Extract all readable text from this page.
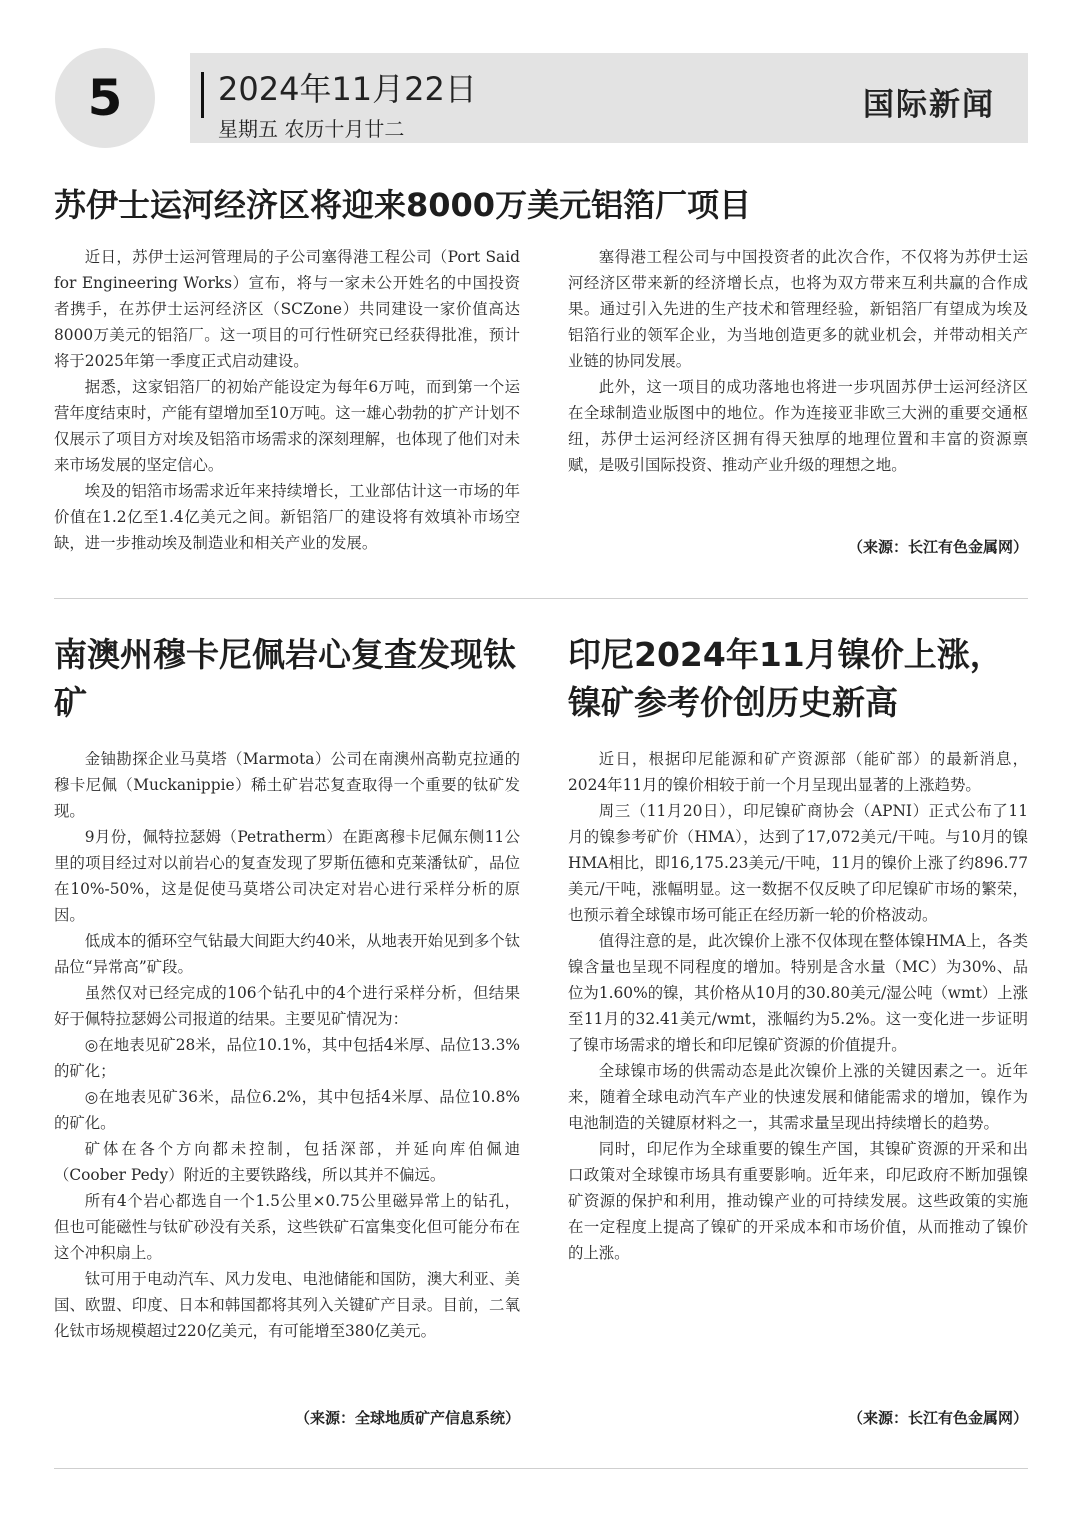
5	2024年11月22日
星期五 农历十月廿二
国际新闻
苏伊士运河经济区将迎来8000万美元铝箔厂项目

近日，苏伊士运河管理局的子公司塞得港工程公司（Port Said for Engineering Works）宣布，将与一家未公开姓名的中国投资者携手，在苏伊士运河经济区（SCZone）共同建设一家价值高达8000万美元的铝箔厂。这一项目的可行性研究已经获得批准，预计将于2025年第一季度正式启动建设。

据悉，这家铝箔厂的初始产能设定为每年6万吨，而到第一个运营年度结束时，产能有望增加至10万吨。这一雄心勃勃的扩产计划不仅展示了项目方对埃及铝箔市场需求的深刻理解，也体现了他们对未来市场发展的坚定信心。

埃及的铝箔市场需求近年来持续增长，工业部估计这一市场的年价值在1.2亿至1.4亿美元之间。新铝箔厂的建设将有效填补市场空缺，进一步推动埃及制造业和相关产业的发展。

塞得港工程公司与中国投资者的此次合作，不仅将为苏伊士运河经济区带来新的经济增长点，也将为双方带来互利共赢的合作成果。通过引入先进的生产技术和管理经验，新铝箔厂有望成为埃及铝箔行业的领军企业，为当地创造更多的就业机会，并带动相关产业链的协同发展。

此外，这一项目的成功落地也将进一步巩固苏伊士运河经济区在全球制造业版图中的地位。作为连接亚非欧三大洲的重要交通枢纽，苏伊士运河经济区拥有得天独厚的地理位置和丰富的资源禀赋，是吸引国际投资、推动产业升级的理想之地。

（来源：长江有色金属网）
南澳州穆卡尼佩岩心复查发现钛矿

金铀勘探企业马莫塔（Marmota）公司在南澳州高勒克拉通的穆卡尼佩（Muckanippie）稀土矿岩芯复查取得一个重要的钛矿发现。

9月份，佩特拉瑟姆（Petratherm）在距离穆卡尼佩东侧11公里的项目经过对以前岩心的复查发现了罗斯伍德和克莱潘钛矿，品位在10%-50%，这是促使马莫塔公司决定对岩心进行采样分析的原因。

低成本的循环空气钻最大间距大约40米，从地表开始见到多个钛品位“异常高”矿段。

虽然仅对已经完成的106个钻孔中的4个进行采样分析，但结果好于佩特拉瑟姆公司报道的结果。主要见矿情况为：

◎在地表见矿28米，品位10.1%，其中包括4米厚、品位13.3%的矿化；

◎在地表见矿36米，品位6.2%，其中包括4米厚、品位10.8%的矿化。

矿体在各个方向都未控制，包括深部，并延向库伯佩迪（Coober Pedy）附近的主要铁路线，所以其并不偏远。

所有4个岩心都选自一个1.5公里×0.75公里磁异常上的钻孔，但也可能磁性与钛矿砂没有关系，这些铁矿石富集变化但可能分布在这个冲积扇上。

钛可用于电动汽车、风力发电、电池储能和国防，澳大利亚、美国、欧盟、印度、日本和韩国都将其列入关键矿产目录。目前，二氧化钛市场规模超过220亿美元，有可能增至380亿美元。

（来源：全球地质矿产信息系统）
印尼2024年11月镍价上涨，镍矿参考价创历史新高

近日，根据印尼能源和矿产资源部（能矿部）的最新消息，2024年11月的镍价相较于前一个月呈现出显著的上涨趋势。

周三（11月20日），印尼镍矿商协会（APNI）正式公布了11月的镍参考矿价（HMA），达到了17,072美元/干吨。与10月的镍HMA相比，即16,175.23美元/干吨，11月的镍价上涨了约896.77美元/干吨，涨幅明显。这一数据不仅反映了印尼镍矿市场的繁荣，也预示着全球镍市场可能正在经历新一轮的价格波动。

值得注意的是，此次镍价上涨不仅体现在整体镍HMA上，各类镍含量也呈现不同程度的增加。特别是含水量（MC）为30%、品位为1.60%的镍，其价格从10月的30.80美元/湿公吨（wmt）上涨至11月的32.41美元/wmt，涨幅约为5.2%。这一变化进一步证明了镍市场需求的增长和印尼镍矿资源的价值提升。

全球镍市场的供需动态是此次镍价上涨的关键因素之一。近年来，随着全球电动汽车产业的快速发展和储能需求的增加，镍作为电池制造的关键原材料之一，其需求量呈现出持续增长的趋势。

同时，印尼作为全球重要的镍生产国，其镍矿资源的开采和出口政策对全球镍市场具有重要影响。近年来，印尼政府不断加强镍矿资源的保护和利用，推动镍产业的可持续发展。这些政策的实施在一定程度上提高了镍矿的开采成本和市场价值，从而推动了镍价的上涨。

（来源：长江有色金属网）
